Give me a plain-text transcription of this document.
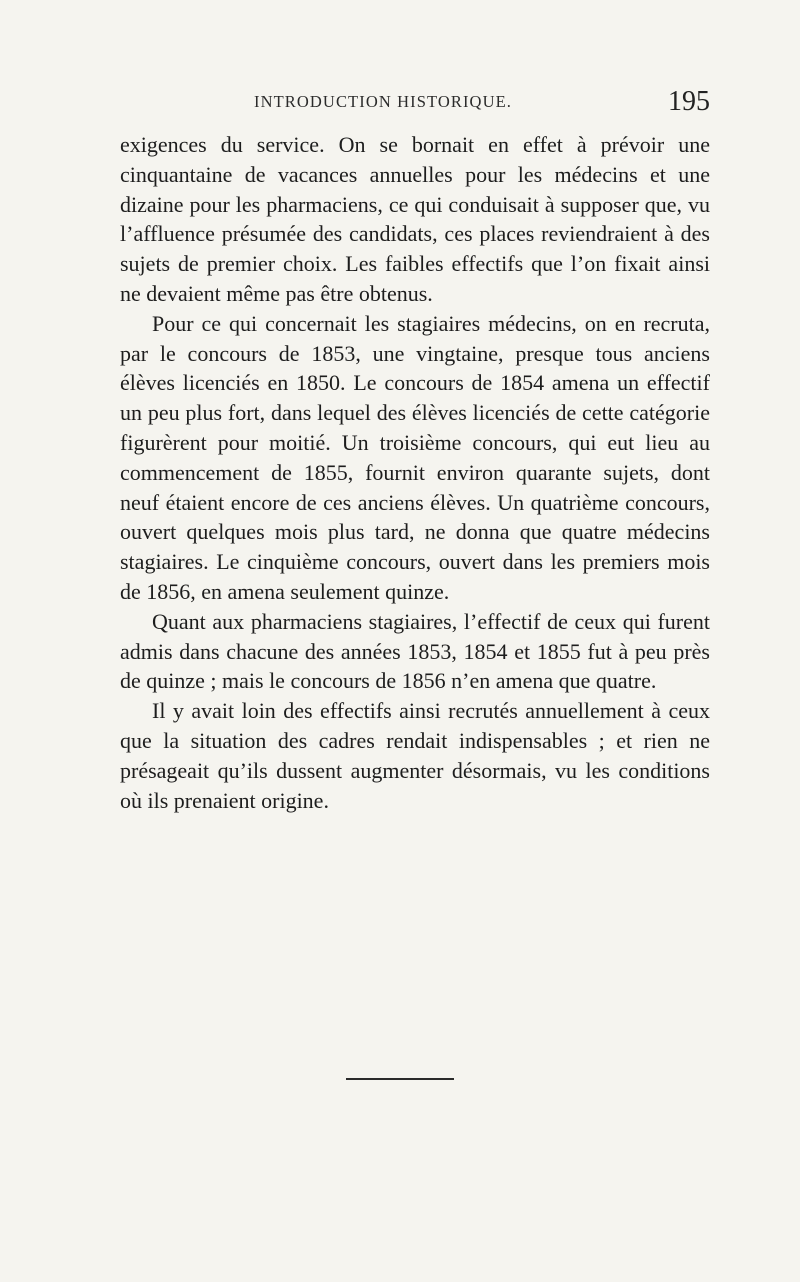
INTRODUCTION HISTORIQUE.	195

exigences du service. On se bornait en effet à prévoir une cinquantaine de vacances annuelles pour les médecins et une dizaine pour les pharmaciens, ce qui conduisait à supposer que, vu l’affluence présumée des candidats, ces places reviendraient à des sujets de premier choix. Les faibles effectifs que l’on fixait ainsi ne devaient même pas être obtenus.

Pour ce qui concernait les stagiaires médecins, on en recruta, par le concours de 1853, une vingtaine, presque tous anciens élèves licenciés en 1850. Le concours de 1854 amena un effectif un peu plus fort, dans lequel des élèves licenciés de cette catégorie figurèrent pour moitié. Un troisième concours, qui eut lieu au commencement de 1855, fournit environ quarante sujets, dont neuf étaient encore de ces anciens élèves. Un quatrième concours, ouvert quelques mois plus tard, ne donna que quatre médecins stagiaires. Le cinquième concours, ouvert dans les premiers mois de 1856, en amena seulement quinze.

Quant aux pharmaciens stagiaires, l’effectif de ceux qui furent admis dans chacune des années 1853, 1854 et 1855 fut à peu près de quinze ; mais le concours de 1856 n’en amena que quatre.

Il y avait loin des effectifs ainsi recrutés annuellement à ceux que la situation des cadres rendait indispensables ; et rien ne présageait qu’ils dussent augmenter désormais, vu les conditions où ils prenaient origine.
